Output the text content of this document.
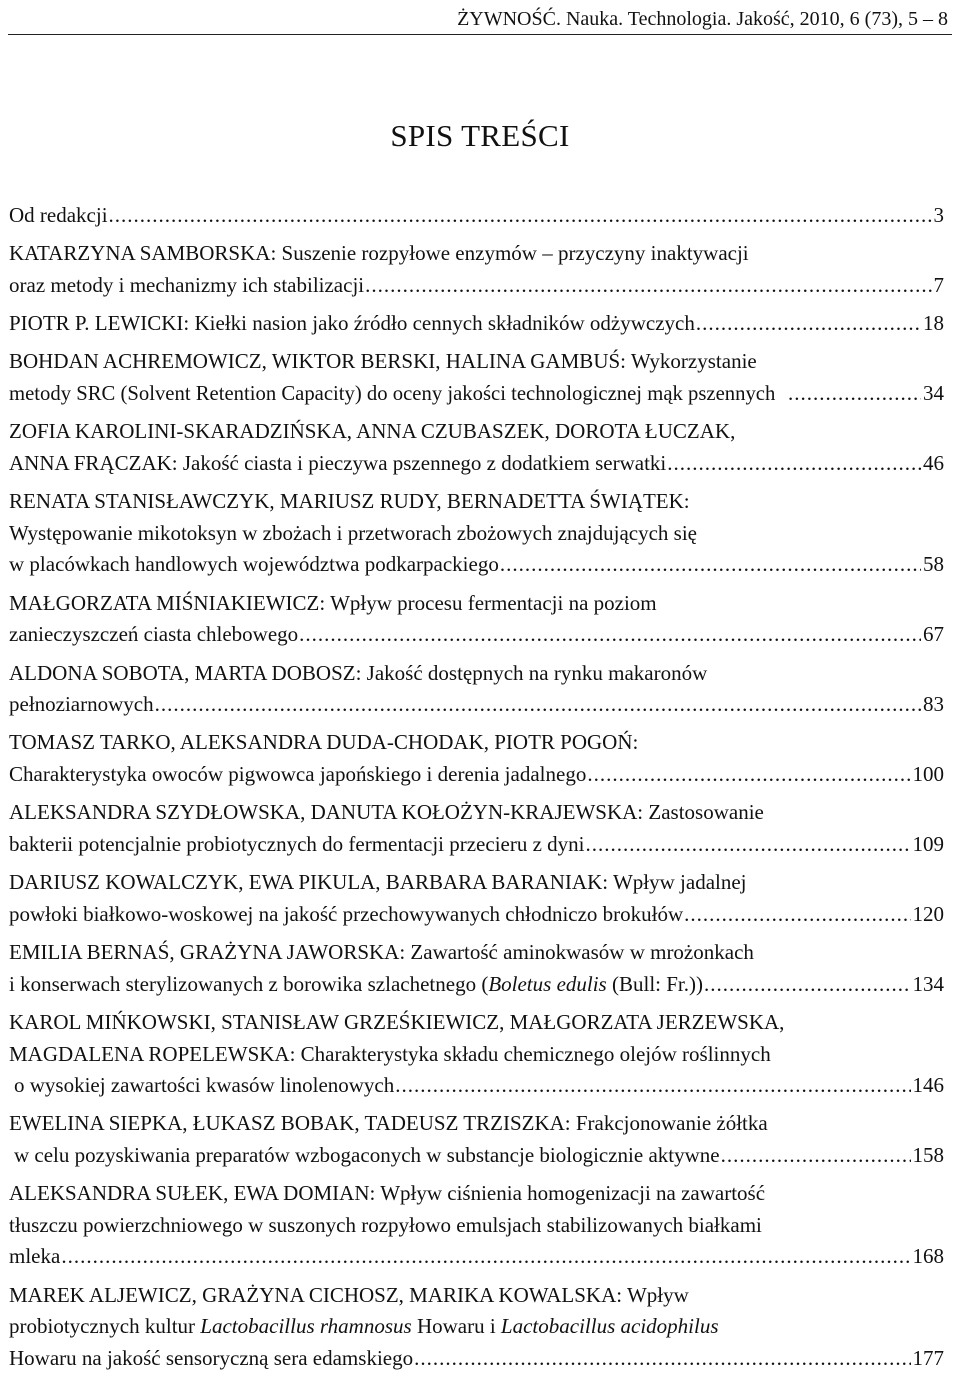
ŻYWNOŚĆ. Nauka. Technologia. Jakość, 2010, 6 (73), 5 – 8
SPIS TREŚCI
Od redakcji .....	3
KATARZYNA SAMBORSKA: Suszenie rozpyłowe enzymów – przyczyny inaktywacji
oraz metody i mechanizmy ich stabilizacji .....	7
PIOTR P. LEWICKI: Kiełki nasion jako źródło cennych składników odżywczych .....	18
BOHDAN ACHREMOWICZ, WIKTOR BERSKI, HALINA GAMBUŚ: Wykorzystanie
metody SRC (Solvent Retention Capacity) do oceny jakości technologicznej mąk pszennych .....	34
ZOFIA KAROLINI-SKARADZIŃSKA, ANNA CZUBASZEK, DOROTA ŁUCZAK,
ANNA FRĄCZAK: Jakość ciasta i pieczywa pszennego z dodatkiem serwatki .....	46
RENATA STANISŁAWCZYK, MARIUSZ RUDY, BERNADETTA ŚWIĄTEK:
Występowanie mikotoksyn w zbożach i przetworach zbożowych znajdujących się
w placówkach handlowych województwa podkarpackiego .....	58
MAŁGORZATA MIŚNIAKIEWICZ: Wpływ procesu fermentacji na poziom
zanieczyszczeń ciasta chlebowego .....	67
ALDONA SOBOTA, MARTA DOBOSZ: Jakość dostępnych na rynku makaronów
pełnoziarnowych .....	83
TOMASZ TARKO, ALEKSANDRA DUDA-CHODAK, PIOTR POGOŃ:
Charakterystyka owoców pigwowca japońskiego i derenia jadalnego .....	100
ALEKSANDRA SZYDŁOWSKA, DANUTA KOŁOŻYN-KRAJEWSKA: Zastosowanie
bakterii potencjalnie probiotycznych do fermentacji przecieru z dyni .....	109
DARIUSZ KOWALCZYK, EWA PIKULA, BARBARA BARANIAK: Wpływ jadalnej
powłoki białkowo-woskowej na jakość przechowywanych chłodniczo brokułów .....	120
EMILIA BERNAŚ, GRAŻYNA JAWORSKA: Zawartość aminokwasów w mrożonkach
i konserwach sterylizowanych z borowika szlachetnego (Boletus edulis (Bull: Fr.)) .....	134
KAROL MIŃKOWSKI, STANISŁAW GRZEŚKIEWICZ, MAŁGORZATA JERZEWSKA,
MAGDALENA ROPELEWSKA: Charakterystyka składu chemicznego olejów roślinnych
o wysokiej zawartości kwasów linolenowych .....	146
EWELINA SIEPKA, ŁUKASZ BOBAK, TADEUSZ TRZISZKA: Frakcjonowanie żółtka
w celu pozyskiwania preparatów wzbogaconych w substancje biologicznie aktywne .....	158
ALEKSANDRA SUŁEK, EWA DOMIAN: Wpływ ciśnienia homogenizacji na zawartość
tłuszczu powierzchniowego w suszonych rozpyłowo emulsjach stabilizowanych białkami
mleka .....	168
MAREK ALJEWICZ, GRAŻYNA CICHOSZ, MARIKA KOWALSKA: Wpływ
probiotycznych kultur Lactobacillus rhamnosus Howaru i Lactobacillus acidophilus
Howaru na jakość sensoryczną sera edamskiego .....	177
